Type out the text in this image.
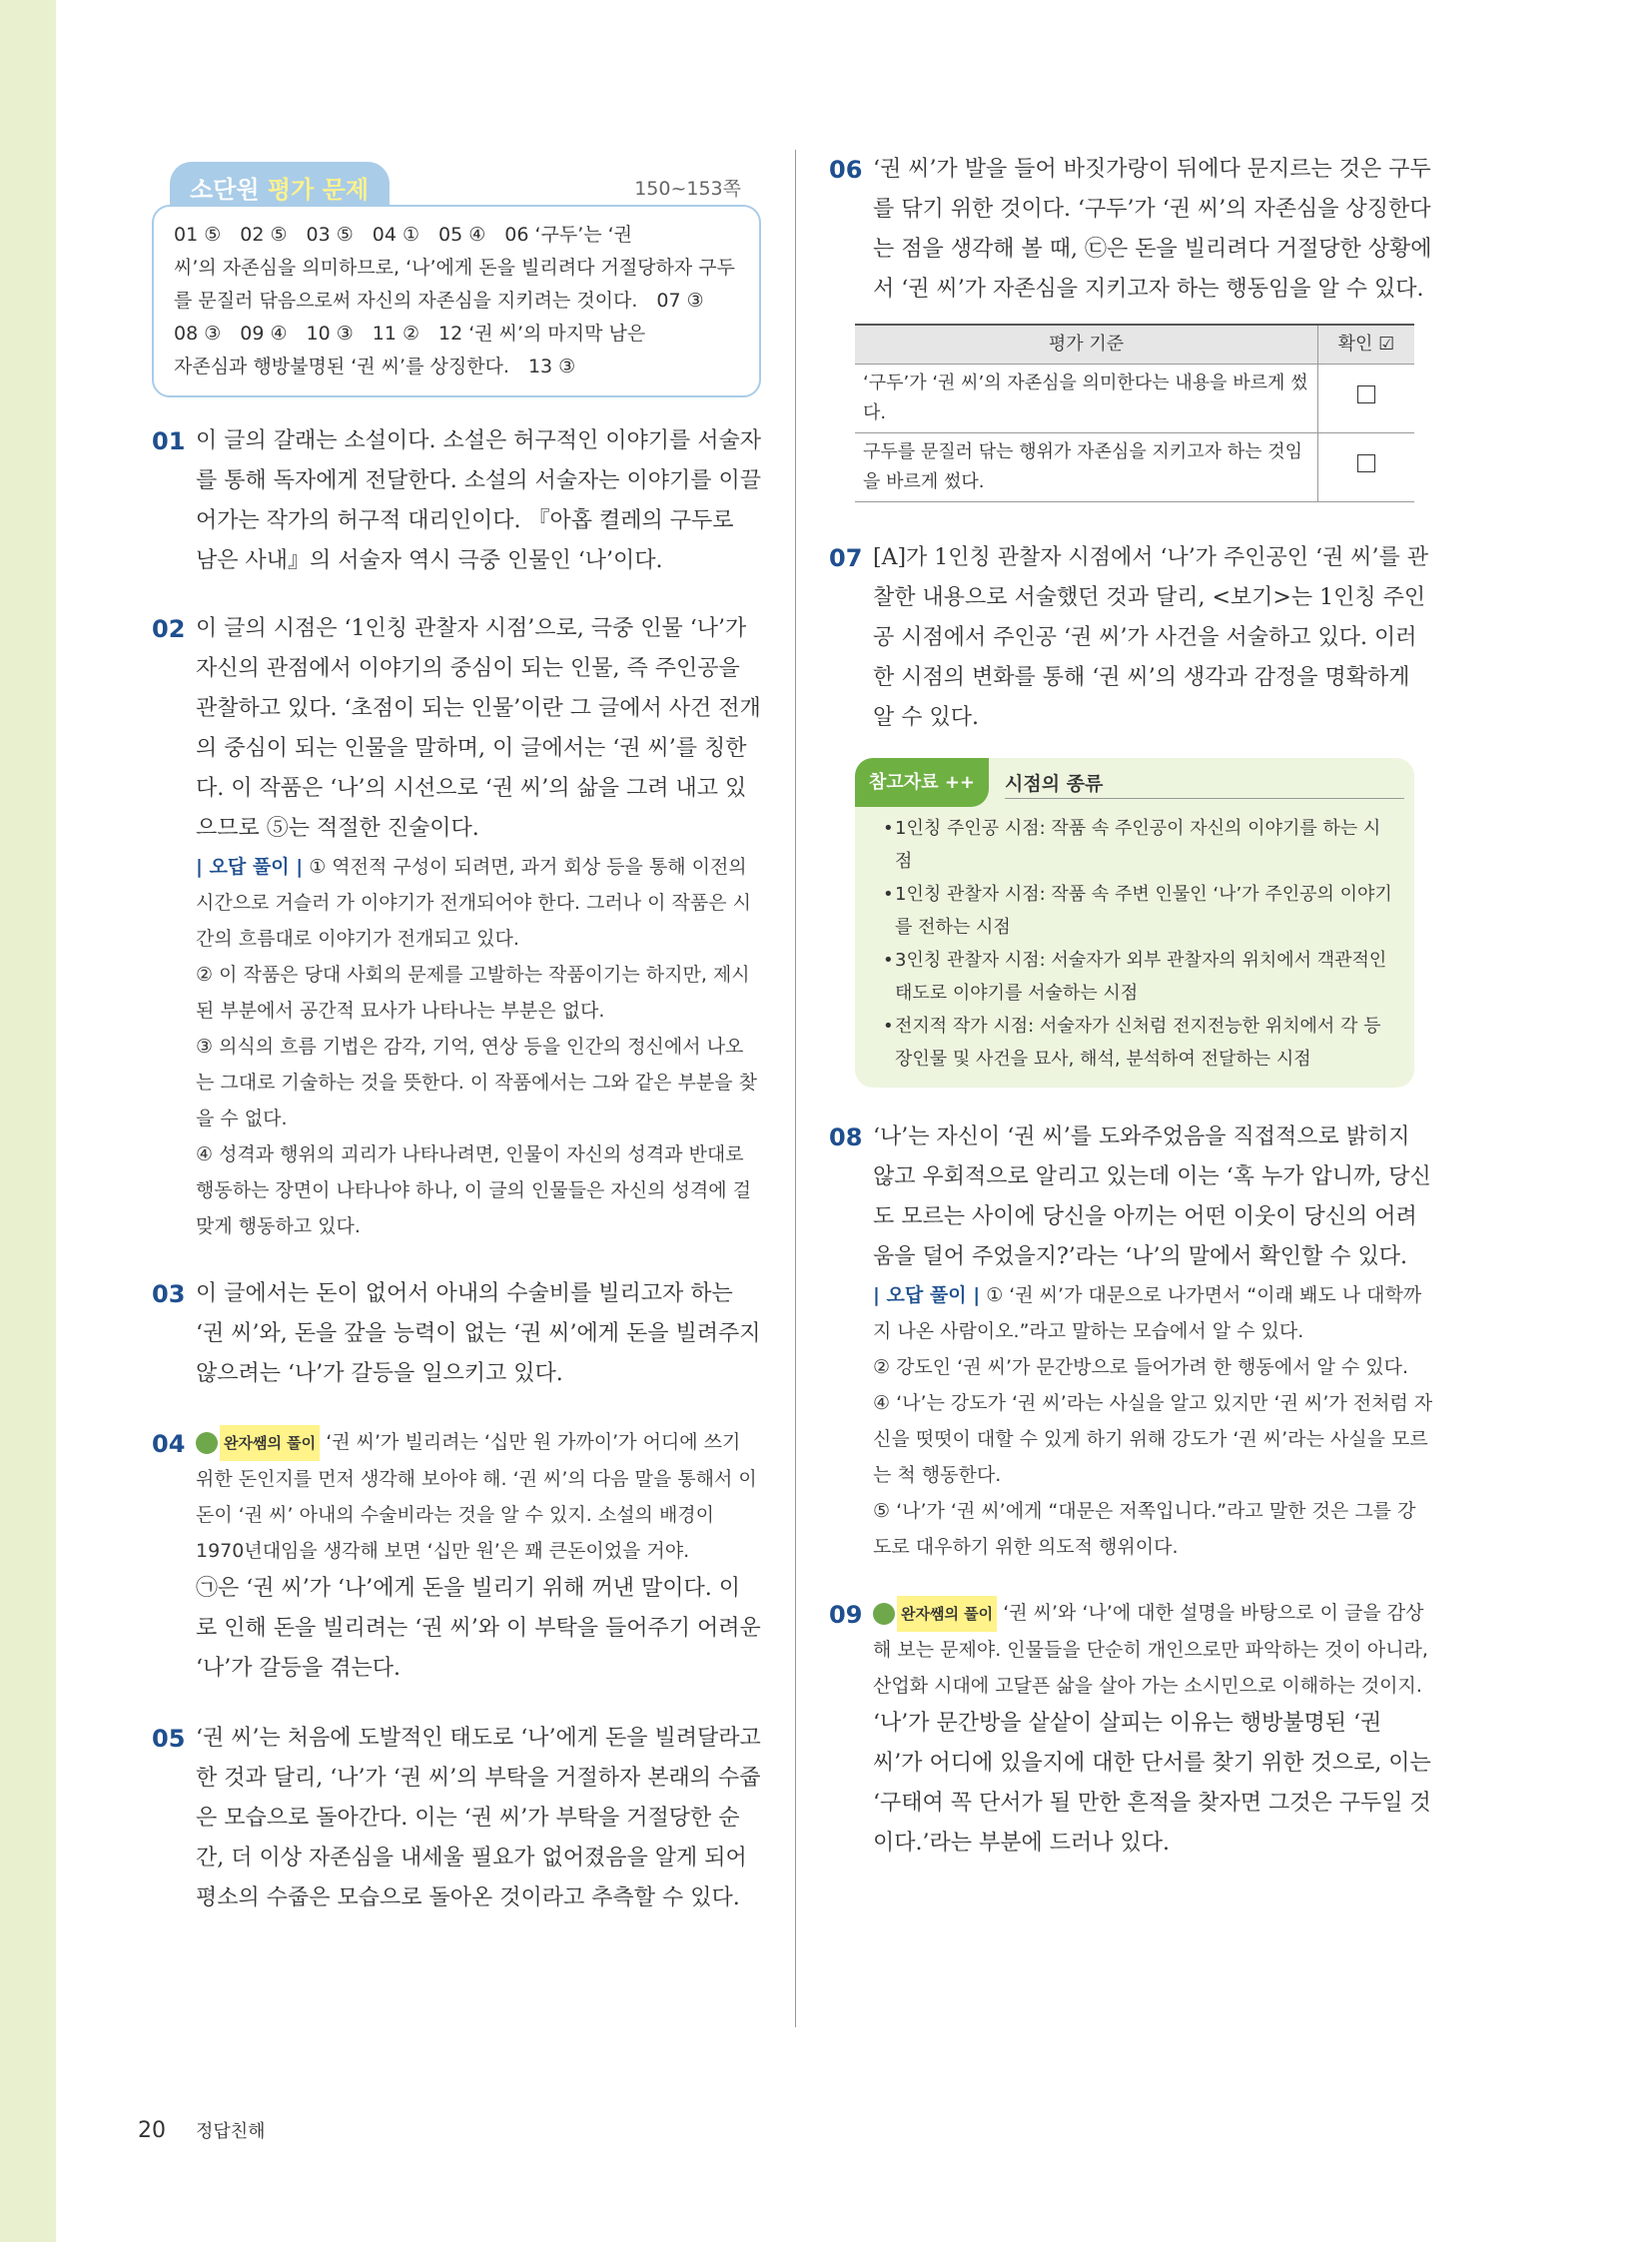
소단원 평가 문제	150~153쪽
01 ⑤　02 ⑤　03 ⑤　04 ①　05 ④　06 ‘구두’는 ‘권
씨’의 자존심을 의미하므로, ‘나’에게 돈을 빌리려다 거절당하자 구두
를 문질러 닦음으로써 자신의 자존심을 지키려는 것이다.　07 ③
08 ③　09 ④　10 ③　11 ②　12 ‘권 씨’의 마지막 남은
자존심과 행방불명된 ‘권 씨’를 상징한다.　13 ③
01 이 글의 갈래는 소설이다. 소설은 허구적인 이야기를 서술자를 통해 독자에게 전달한다. 소설의 서술자는 이야기를 이끌어가는 작가의 허구적 대리인이다. 『아홉 켤레의 구두로 남은 사내』의 서술자 역시 극중 인물인 ‘나’이다.

02 이 글의 시점은 ‘1인칭 관찰자 시점’으로, 극중 인물 ‘나’가 자신의 관점에서 이야기의 중심이 되는 인물, 즉 주인공을 관찰하고 있다. ‘초점이 되는 인물’이란 그 글에서 사건 전개의 중심이 되는 인물을 말하며, 이 글에서는 ‘권 씨’를 칭한다. 이 작품은 ‘나’의 시선으로 ‘권 씨’의 삶을 그려 내고 있으므로 ⑤는 적절한 진술이다.

| 오답 풀이 | ① 역전적 구성이 되려면, 과거 회상 등을 통해 이전의 시간으로 거슬러 가 이야기가 전개되어야 한다. 그러나 이 작품은 시간의 흐름대로 이야기가 전개되고 있다.
② 이 작품은 당대 사회의 문제를 고발하는 작품이기는 하지만, 제시된 부분에서 공간적 묘사가 나타나는 부분은 없다.
③ 의식의 흐름 기법은 감각, 기억, 연상 등을 인간의 정신에서 나오는 그대로 기술하는 것을 뜻한다. 이 작품에서는 그와 같은 부분을 찾을 수 없다.
④ 성격과 행위의 괴리가 나타나려면, 인물이 자신의 성격과 반대로 행동하는 장면이 나타나야 하나, 이 글의 인물들은 자신의 성격에 걸맞게 행동하고 있다.
03 이 글에서는 돈이 없어서 아내의 수술비를 빌리고자 하는 ‘권 씨’와, 돈을 갚을 능력이 없는 ‘권 씨’에게 돈을 빌려주지 않으려는 ‘나’가 갈등을 일으키고 있다.

04	완자쌤의 풀이 ‘권 씨’가 빌리려는 ‘십만 원 가까이’가 어디에 쓰기 위한 돈인지를 먼저 생각해 보아야 해. ‘권 씨’의 다음 말을 통해서 이 돈이 ‘권 씨’ 아내의 수술비라는 것을 알 수 있지. 소설의 배경이 1970년대임을 생각해 보면 ‘십만 원’은 꽤 큰돈이었을 거야.

㉠은 ‘권 씨’가 ‘나’에게 돈을 빌리기 위해 꺼낸 말이다. 이로 인해 돈을 빌리려는 ‘권 씨’와 이 부탁을 들어주기 어려운 ‘나’가 갈등을 겪는다.

05 ‘권 씨’는 처음에 도발적인 태도로 ‘나’에게 돈을 빌려달라고 한 것과 달리, ‘나’가 ‘권 씨’의 부탁을 거절하자 본래의 수줍은 모습으로 돌아간다. 이는 ‘권 씨’가 부탁을 거절당한 순간, 더 이상 자존심을 내세울 필요가 없어졌음을 알게 되어 평소의 수줍은 모습으로 돌아온 것이라고 추측할 수 있다.

06 ‘권 씨’가 발을 들어 바짓가랑이 뒤에다 문지르는 것은 구두를 닦기 위한 것이다. ‘구두’가 ‘권 씨’의 자존심을 상징한다는 점을 생각해 볼 때, ㉢은 돈을 빌리려다 거절당한 상황에서 ‘권 씨’가 자존심을 지키고자 하는 행동임을 알 수 있다.

평가 기준	확인 ☑
‘구두’가 ‘권 씨’의 자존심을 의미한다는 내용을 바르게 썼다.	
구두를 문질러 닦는 행위가 자존심을 지키고자 하는 것임을 바르게 썼다.	
07 [A]가 1인칭 관찰자 시점에서 ‘나’가 주인공인 ‘권 씨’를 관찰한 내용으로 서술했던 것과 달리, <보기>는 1인칭 주인공 시점에서 주인공 ‘권 씨’가 사건을 서술하고 있다. 이러한 시점의 변화를 통해 ‘권 씨’의 생각과 감정을 명확하게 알 수 있다.

참고자료 ++	시점의 종류
• 1인칭 주인공 시점: 작품 속 주인공이 자신의 이야기를 하는 시점
• 1인칭 관찰자 시점: 작품 속 주변 인물인 ‘나’가 주인공의 이야기를 전하는 시점
• 3인칭 관찰자 시점: 서술자가 외부 관찰자의 위치에서 객관적인 태도로 이야기를 서술하는 시점
• 전지적 작가 시점: 서술자가 신처럼 전지전능한 위치에서 각 등장인물 및 사건을 묘사, 해석, 분석하여 전달하는 시점
08 ‘나’는 자신이 ‘권 씨’를 도와주었음을 직접적으로 밝히지 않고 우회적으로 알리고 있는데 이는 ‘혹 누가 압니까, 당신도 모르는 사이에 당신을 아끼는 어떤 이웃이 당신의 어려움을 덜어 주었을지?’라는 ‘나’의 말에서 확인할 수 있다.

| 오답 풀이 | ① ‘권 씨’가 대문으로 나가면서 “이래 봬도 나 대학까지 나온 사람이오.”라고 말하는 모습에서 알 수 있다.
② 강도인 ‘권 씨’가 문간방으로 들어가려 한 행동에서 알 수 있다.
④ ‘나’는 강도가 ‘권 씨’라는 사실을 알고 있지만 ‘권 씨’가 전처럼 자신을 떳떳이 대할 수 있게 하기 위해 강도가 ‘권 씨’라는 사실을 모르는 척 행동한다.
⑤ ‘나’가 ‘권 씨’에게 “대문은 저쪽입니다.”라고 말한 것은 그를 강도로 대우하기 위한 의도적 행위이다.
09	완자쌤의 풀이 ‘권 씨’와 ‘나’에 대한 설명을 바탕으로 이 글을 감상해 보는 문제야. 인물들을 단순히 개인으로만 파악하는 것이 아니라, 산업화 시대에 고달픈 삶을 살아 가는 소시민으로 이해하는 것이지.

‘나’가 문간방을 샅샅이 살피는 이유는 행방불명된 ‘권 씨’가 어디에 있을지에 대한 단서를 찾기 위한 것으로, 이는 ‘구태여 꼭 단서가 될 만한 흔적을 찾자면 그것은 구두일 것이다.’라는 부분에 드러나 있다.

20 정답친해
